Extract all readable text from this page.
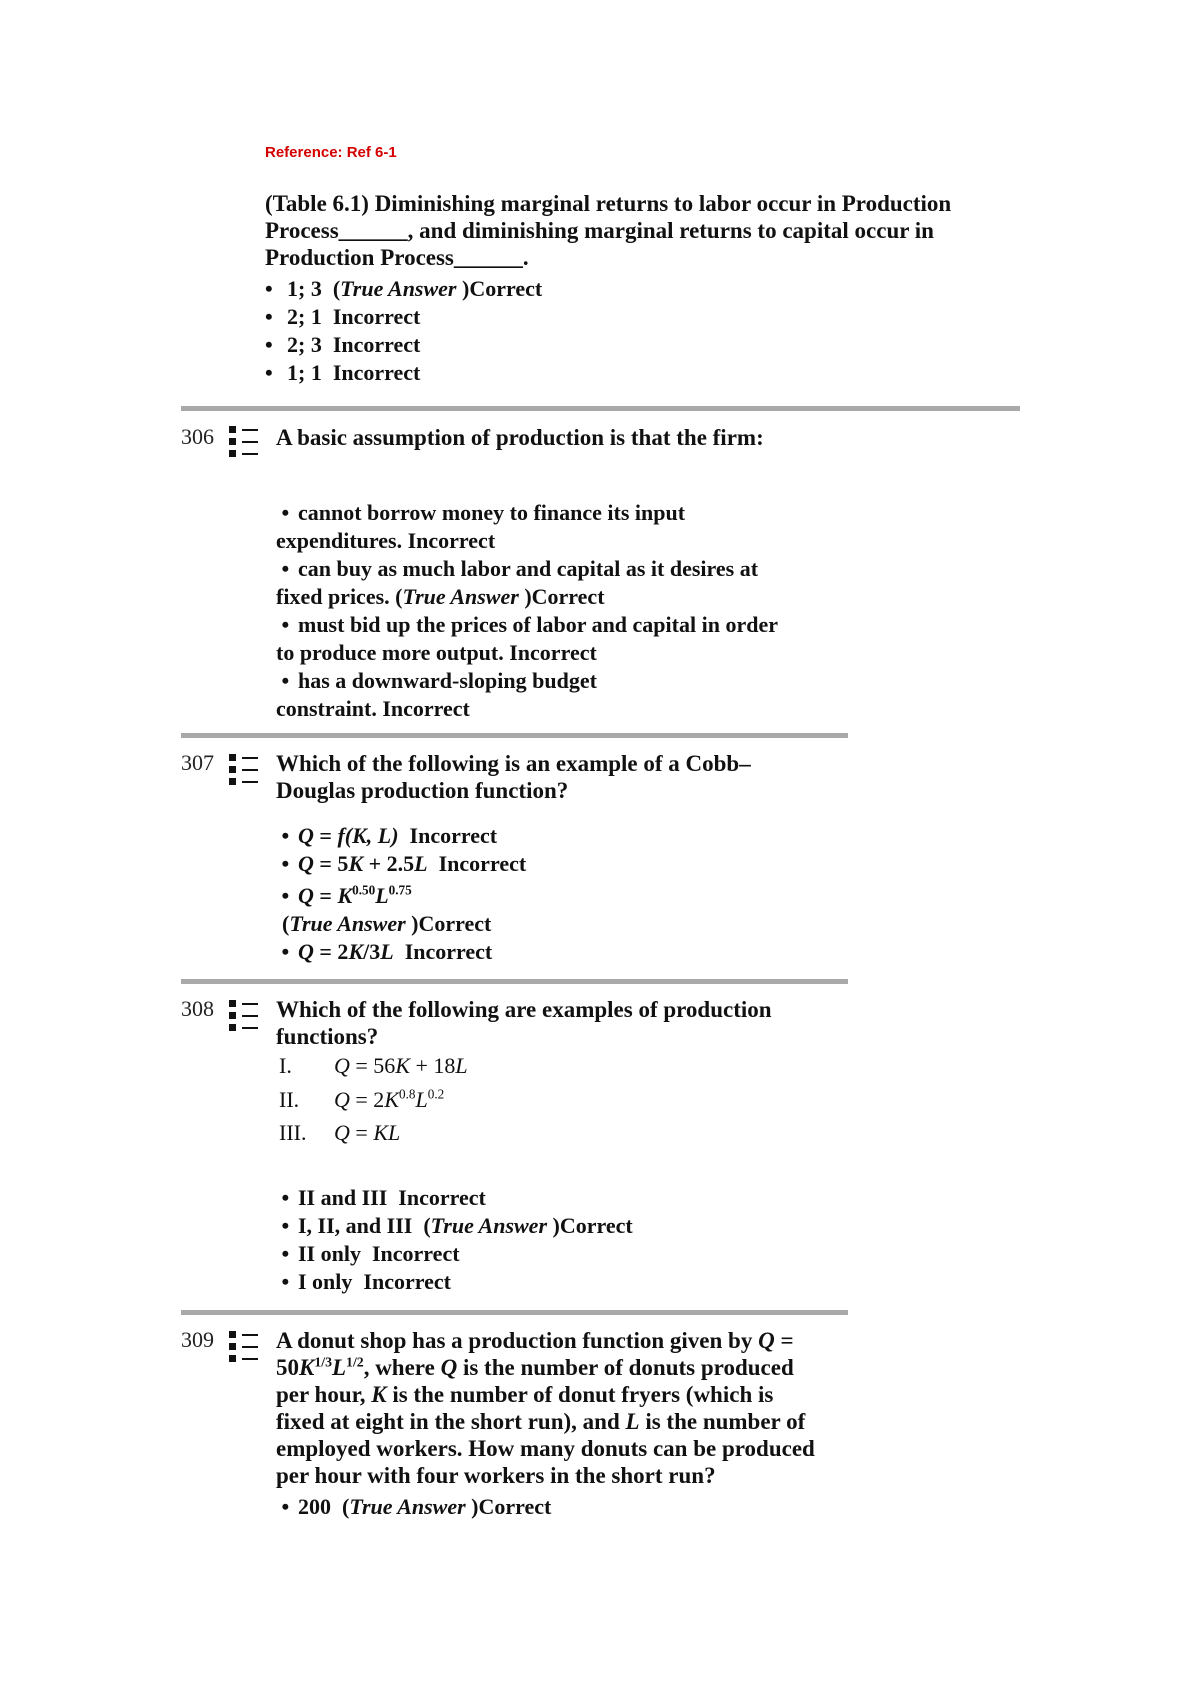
Reference: Ref 6-1
(Table 6.1) Diminishing marginal returns to labor occur in Production
Process______, and diminishing marginal returns to capital occur in
Production Process______.
• 1; 3  (True Answer )Correct
• 2; 1 Incorrect
• 2; 3 Incorrect
• 1; 1 Incorrect
306	A basic assumption of production is that the firm:
• cannot borrow money to finance its input
expenditures. Incorrect
• can buy as much labor and capital as it desires at
fixed prices. (True Answer )Correct
• must bid up the prices of labor and capital in order
to produce more output. Incorrect
• has a downward-sloping budget
constraint. Incorrect
307	Which of the following is an example of a Cobb–
Douglas production function?
• Q = f(K, L) Incorrect
• Q = 5K + 2.5L Incorrect
• $Q = K^{0.50}L^{0.75}$
(True Answer )Correct
• Q = 2K/3L Incorrect
308	Which of the following are examples of production
functions?
I. Q = 56K + 18L
II. $Q = 2K^{0.8}L^{0.2}$
III. Q = KL
• II and III Incorrect
• I, II, and III  (True Answer )Correct
• II only Incorrect
• I only Incorrect
309	A donut shop has a production function given by Q =
$50K^{1/3}L^{1/2}$, where Q is the number of donuts produced
per hour, K is the number of donut fryers (which is
fixed at eight in the short run), and L is the number of
employed workers. How many donuts can be produced
per hour with four workers in the short run?
• 200  (True Answer )Correct
